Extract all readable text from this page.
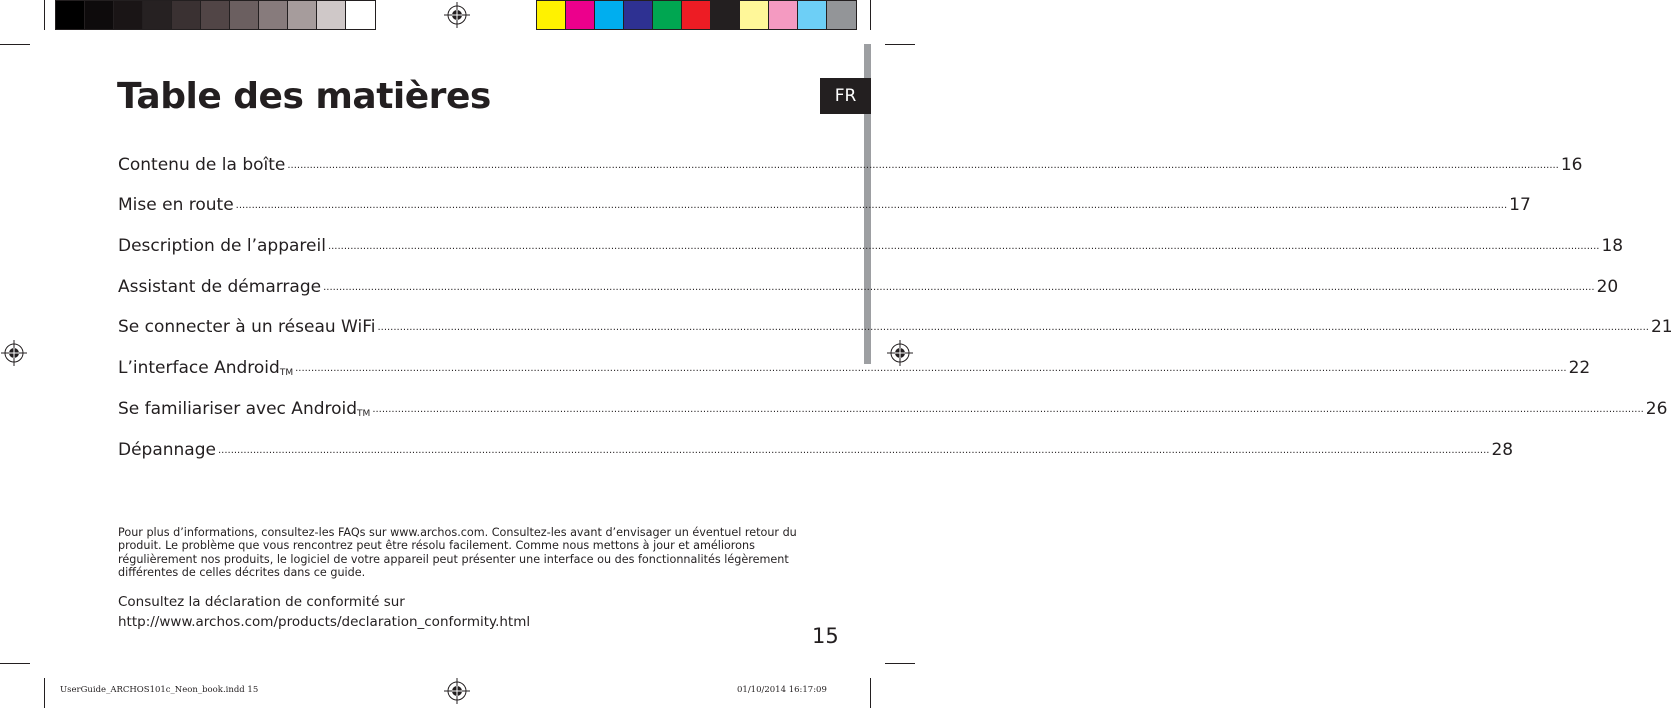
FR
Table des matières
Contenu de la boîte ................................................................................................................................................................................................................................................................................................................................................................................................................ 16
Mise en route ................................................................................................................................................................................................................................................................................................................................................................................................................ 17
Description de l’appareil ................................................................................................................................................................................................................................................................................................................................................................................................................ 18
Assistant de démarrage ................................................................................................................................................................................................................................................................................................................................................................................................................ 20
Se connecter à un réseau WiFi ................................................................................................................................................................................................................................................................................................................................................................................................................ 21
L’interface Android$_{TM}$ ................................................................................................................................................................................................................................................................................................................................................................................................................ 22
Se familiariser avec Android$_{TM}$ ................................................................................................................................................................................................................................................................................................................................................................................................................ 26
Dépannage ................................................................................................................................................................................................................................................................................................................................................................................................................ 28

Pour plus d’informations, consultez-les FAQs sur www.archos.com. Consultez-les avant d’envisager un éventuel retour du produit. Le problème que vous rencontrez peut être résolu facilement. Comme nous mettons à jour et améliorons régulièrement nos produits, le logiciel de votre appareil peut présenter une interface ou des fonctionnalités légèrement différentes de celles décrites dans ce guide.

Consultez la déclaration de conformité sur http://www.archos.com/products/declaration_conformity.html

15
UserGuide_ARCHOS101c_Neon_book.indd 15	01/10/2014 16:17:09
